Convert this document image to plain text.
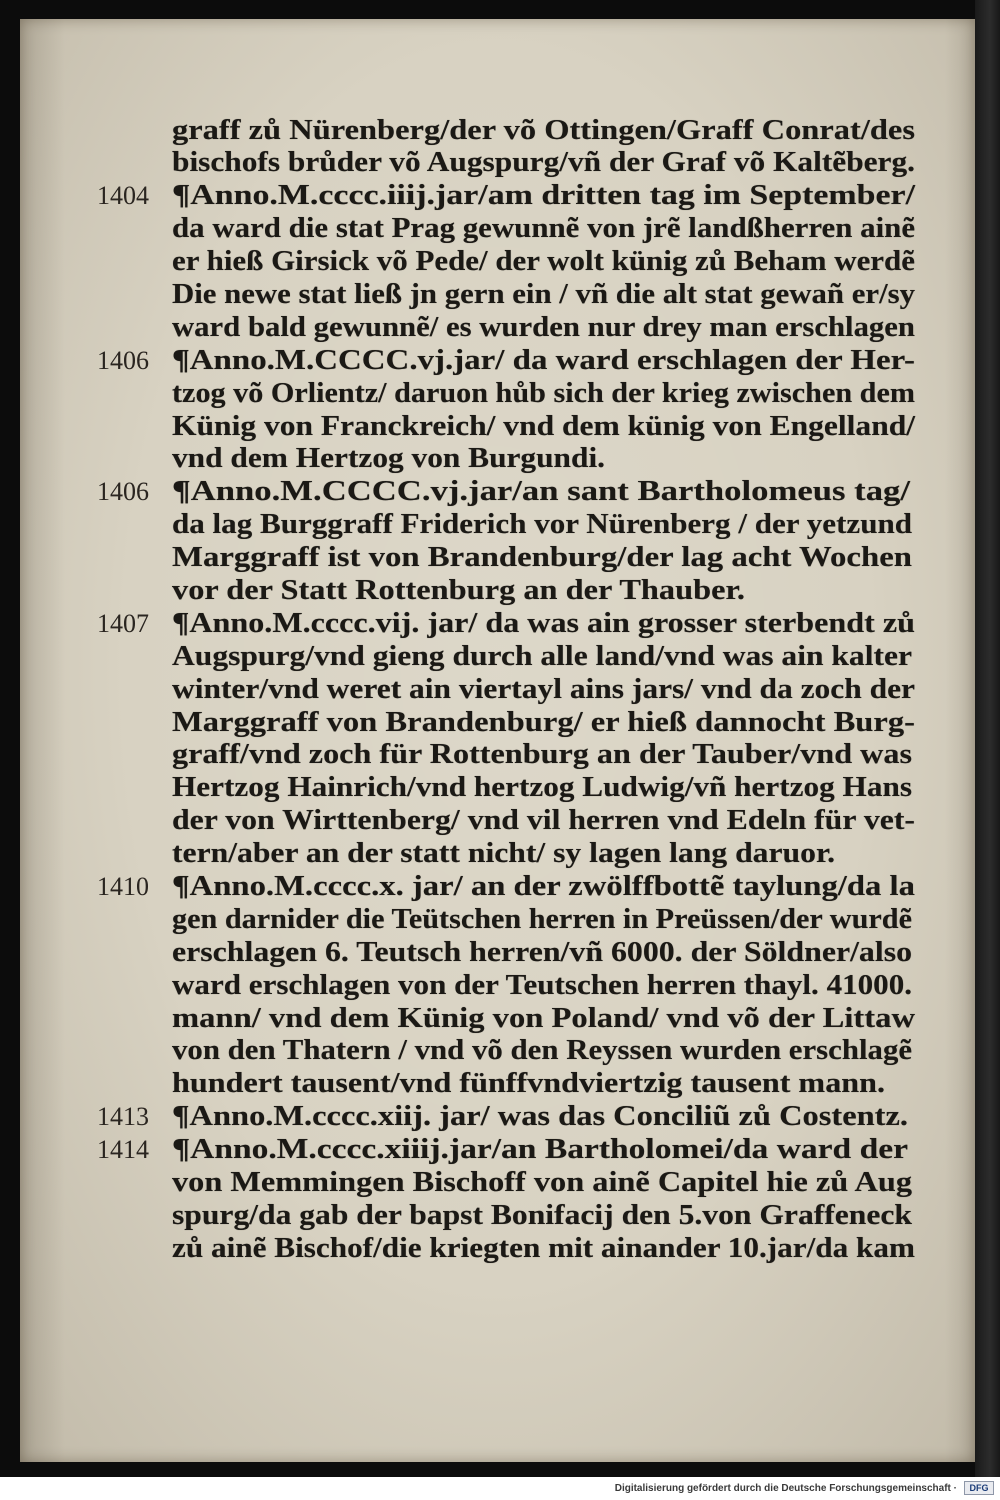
graff zů Nürenberg/der võ Ottingen/Graff Conrat/des
bischofs brůder võ Augspurg/vñ der Graf võ Kaltẽberg.
1404 ¶Anno.M.cccc.iiij.jar/am dritten tag im September/
da ward die stat Prag gewunnẽ von jrẽ landßherren ainẽ
er hieß Girsick võ Pede/ der wolt künig zů Beham werdẽ
Die newe stat ließ jn gern ein / vñ die alt stat gewañ er/sy
ward bald gewunnẽ/ es wurden nur drey man erschlagen
1406 ¶Anno.M.CCCC.vj.jar/ da ward erschlagen der Her-
tzog võ Orlientz/ daruon hůb sich der krieg zwischen dem
Künig von Franckreich/ vnd dem künig von Engelland/
vnd dem Hertzog von Burgundi.
1406 ¶Anno.M.CCCC.vj.jar/an sant Bartholomeus tag/
da lag Burggraff Friderich vor Nürenberg / der yetzund
Marggraff ist von Brandenburg/der lag acht Wochen
vor der Statt Rottenburg an der Thauber.
1407 ¶Anno.M.cccc.vij. jar/ da was ain grosser sterbendt zů
Augspurg/vnd gieng durch alle land/vnd was ain kalter
winter/vnd weret ain viertayl ains jars/ vnd da zoch der
Marggraff von Brandenburg/ er hieß dannocht Burg-
graff/vnd zoch für Rottenburg an der Tauber/vnd was
Hertzog Hainrich/vnd hertzog Ludwig/vñ hertzog Hans
der von Wirttenberg/ vnd vil herren vnd Edeln für vet-
tern/aber an der statt nicht/ sy lagen lang daruor.
1410 ¶Anno.M.cccc.x. jar/ an der zwölffbottẽ taylung/da la
gen darnider die Teütschen herren in Preüssen/der wurdẽ
erschlagen 6. Teutsch herren/vñ 6000. der Söldner/also
ward erschlagen von der Teutschen herren thayl. 41000.
mann/ vnd dem Künig von Poland/ vnd võ der Littaw
von den Thatern / vnd võ den Reyssen wurden erschlagẽ
hundert tausent/vnd fünffvndviertzig tausent mann.
1413 ¶Anno.M.cccc.xiij. jar/ was das Conciliũ zů Costentz.
1414 ¶Anno.M.cccc.xiiij.jar/an Bartholomei/da ward der
von Memmingen Bischoff von ainẽ Capitel hie zů Aug
spurg/da gab der bapst Bonifacij den 5.von Graffeneck
zů ainẽ Bischof/die kriegten mit ainander 10.jar/da kam
Digitalisierung gefördert durch die Deutsche Forschungsgemeinschaft ·	DFG
